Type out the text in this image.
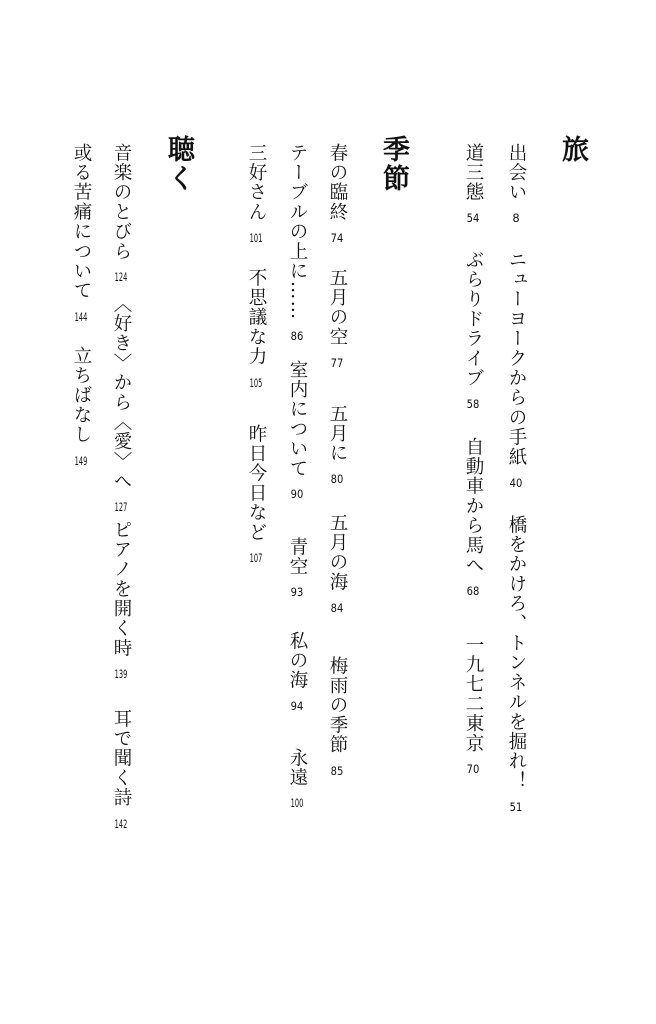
旅
出会い8
ニューヨークからの手紙40
橋をかけろ、トンネルを掘れ！51
道三態54
ぶらりドライブ58
自動車から馬へ68
一九七二東京70
季節
春の臨終74
五月の空77
五月に80
五月の海84
梅雨の季節85
テーブルの上に……86
室内について90
青空93
私の海94
永遠100
三好さん101
不思議な力105
昨日今日など107
聴く
音楽のとびら124
〈好き〉から〈愛〉へ127
ピアノを開く時139
耳で聞く詩142
或る苦痛について144
立ちばなし149
